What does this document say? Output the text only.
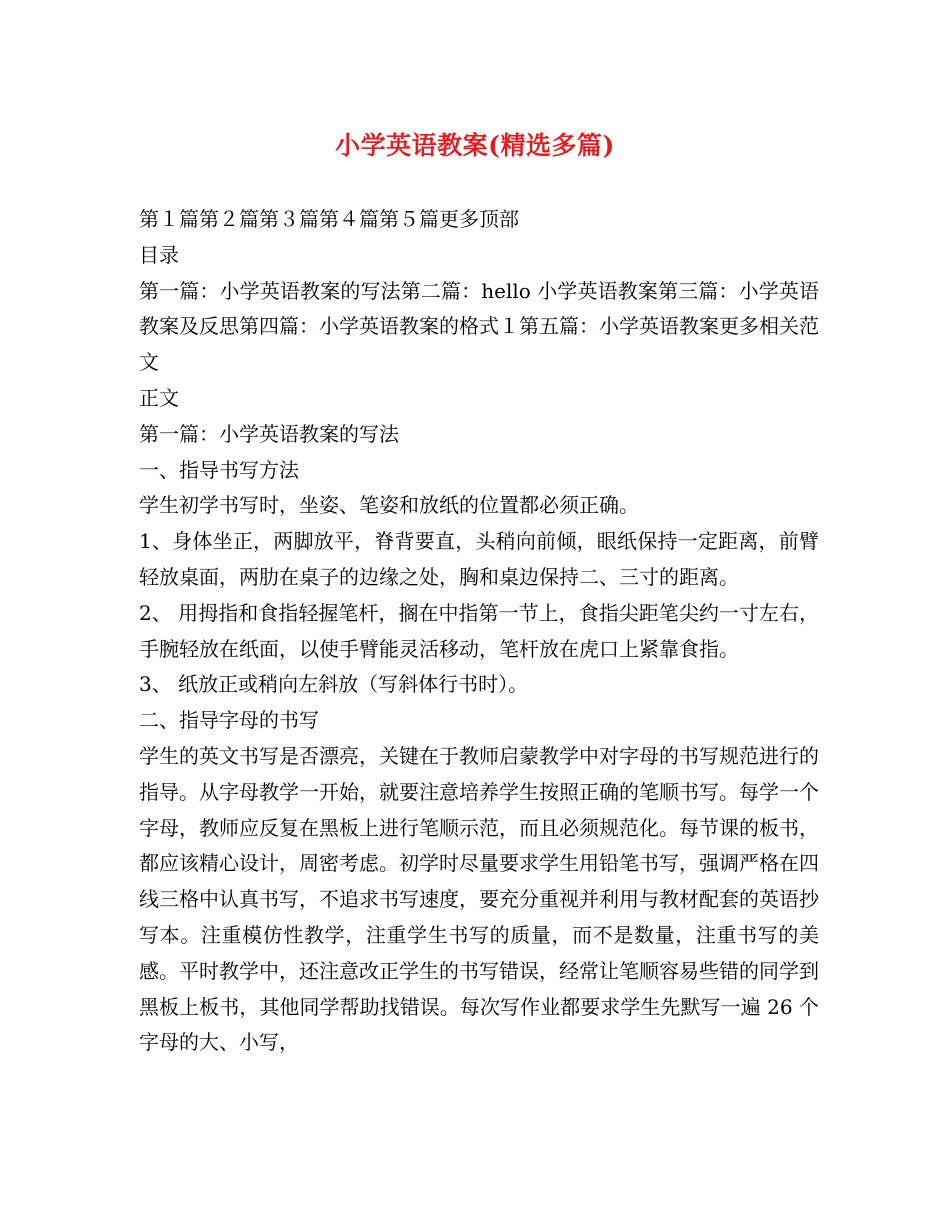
小学英语教案(精选多篇)

第１篇第２篇第３篇第４篇第５篇更多顶部

目录

第一篇：小学英语教案的写法第二篇：hello 小学英语教案第三篇：小学英语教案及反思第四篇：小学英语教案的格式１第五篇：小学英语教案更多相关范文

正文

第一篇：小学英语教案的写法

一、指导书写方法

学生初学书写时，坐姿、笔姿和放纸的位置都必须正确。

1、身体坐正，两脚放平，脊背要直，头稍向前倾，眼纸保持一定距离，前臂轻放桌面，两肋在桌子的边缘之处，胸和桌边保持二、三寸的距离。

2、 用拇指和食指轻握笔杆，搁在中指第一节上，食指尖距笔尖约一寸左右，手腕轻放在纸面，以使手臂能灵活移动，笔杆放在虎口上紧靠食指。

3、 纸放正或稍向左斜放（写斜体行书时）。

二、指导字母的书写

学生的英文书写是否漂亮，关键在于教师启蒙教学中对字母的书写规范进行的指导。从字母教学一开始，就要注意培养学生按照正确的笔顺书写。每学一个字母，教师应反复在黑板上进行笔顺示范，而且必须规范化。每节课的板书，都应该精心设计，周密考虑。初学时尽量要求学生用铅笔书写，强调严格在四线三格中认真书写，不追求书写速度，要充分重视并利用与教材配套的英语抄写本。注重模仿性教学，注重学生书写的质量，而不是数量，注重书写的美感。平时教学中，还注意改正学生的书写错误，经常让笔顺容易些错的同学到黑板上板书，其他同学帮助找错误。每次写作业都要求学生先默写一遍 26 个字母的大、小写，
